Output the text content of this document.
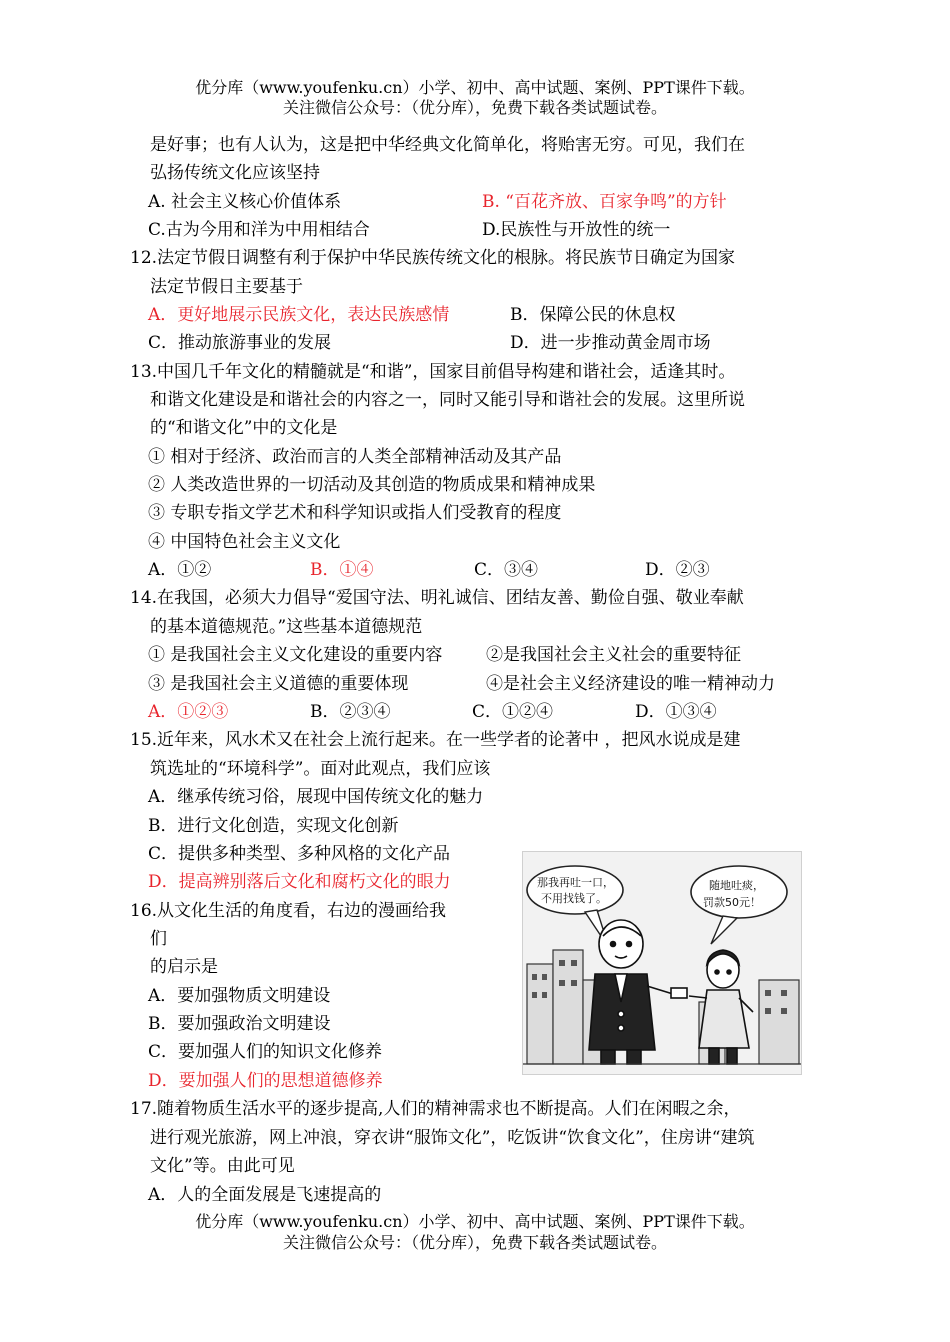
优分库（www.youfenku.cn）小学、初中、高中试题、案例、PPT课件下载。
关注微信公众号：（优分库），免费下载各类试题试卷。
是好事；也有人认为，这是把中华经典文化简单化，将贻害无穷。可见，我们在
弘扬传统文化应该坚持
A. 社会主义核心价值体系	B. “百花齐放、百家争鸣”的方针
C.古为今用和洋为中用相结合	D.民族性与开放性的统一
12.法定节假日调整有利于保护中华民族传统文化的根脉。将民族节日确定为国家
法定节假日主要基于
A．更好地展示民族文化，表达民族感情	B．保障公民的休息权
C．推动旅游事业的发展	D．进一步推动黄金周市场
13.中国几千年文化的精髓就是“和谐”，国家目前倡导构建和谐社会，适逢其时。
和谐文化建设是和谐社会的内容之一，同时又能引导和谐社会的发展。这里所说
的“和谐文化”中的文化是
① 相对于经济、政治而言的人类全部精神活动及其产品
② 人类改造世界的一切活动及其创造的物质成果和精神成果
③ 专职专指文学艺术和科学知识或指人们受教育的程度
④ 中国特色社会主义文化
A．①②	B．①④	C．③④	D．②③
14.在我国，必须大力倡导“爱国守法、明礼诚信、团结友善、勤俭自强、敬业奉献
的基本道德规范。”这些基本道德规范
① 是我国社会主义文化建设的重要内容	②是我国社会主义社会的重要特征
③ 是我国社会主义道德的重要体现	④是社会主义经济建设的唯一精神动力
A．①②③	B．②③④	C．①②④	D．①③④
15.近年来，风水术又在社会上流行起来。在一些学者的论著中 ，把风水说成是建
筑选址的“环境科学”。面对此观点，我们应该
A．继承传统习俗，展现中国传统文化的魅力
B．进行文化创造，实现文化创新
C．提供多种类型、多种风格的文化产品
D．提高辨别落后文化和腐朽文化的眼力	那我再吐一口，
不用找钱了。
随地吐痰，
罚款50元！
16.从文化生活的角度看，右边的漫画给我
们
的启示是
A．要加强物质文明建设
B．要加强政治文明建设
C．要加强人们的知识文化修养
D．要加强人们的思想道德修养
17.随着物质生活水平的逐步提高,人们的精神需求也不断提高。人们在闲暇之余，
进行观光旅游，网上冲浪，穿衣讲“服饰文化”，吃饭讲“饮食文化”，住房讲“建筑
文化”等。由此可见
A．人的全面发展是飞速提高的
优分库（www.youfenku.cn）小学、初中、高中试题、案例、PPT课件下载。
关注微信公众号：（优分库），免费下载各类试题试卷。
